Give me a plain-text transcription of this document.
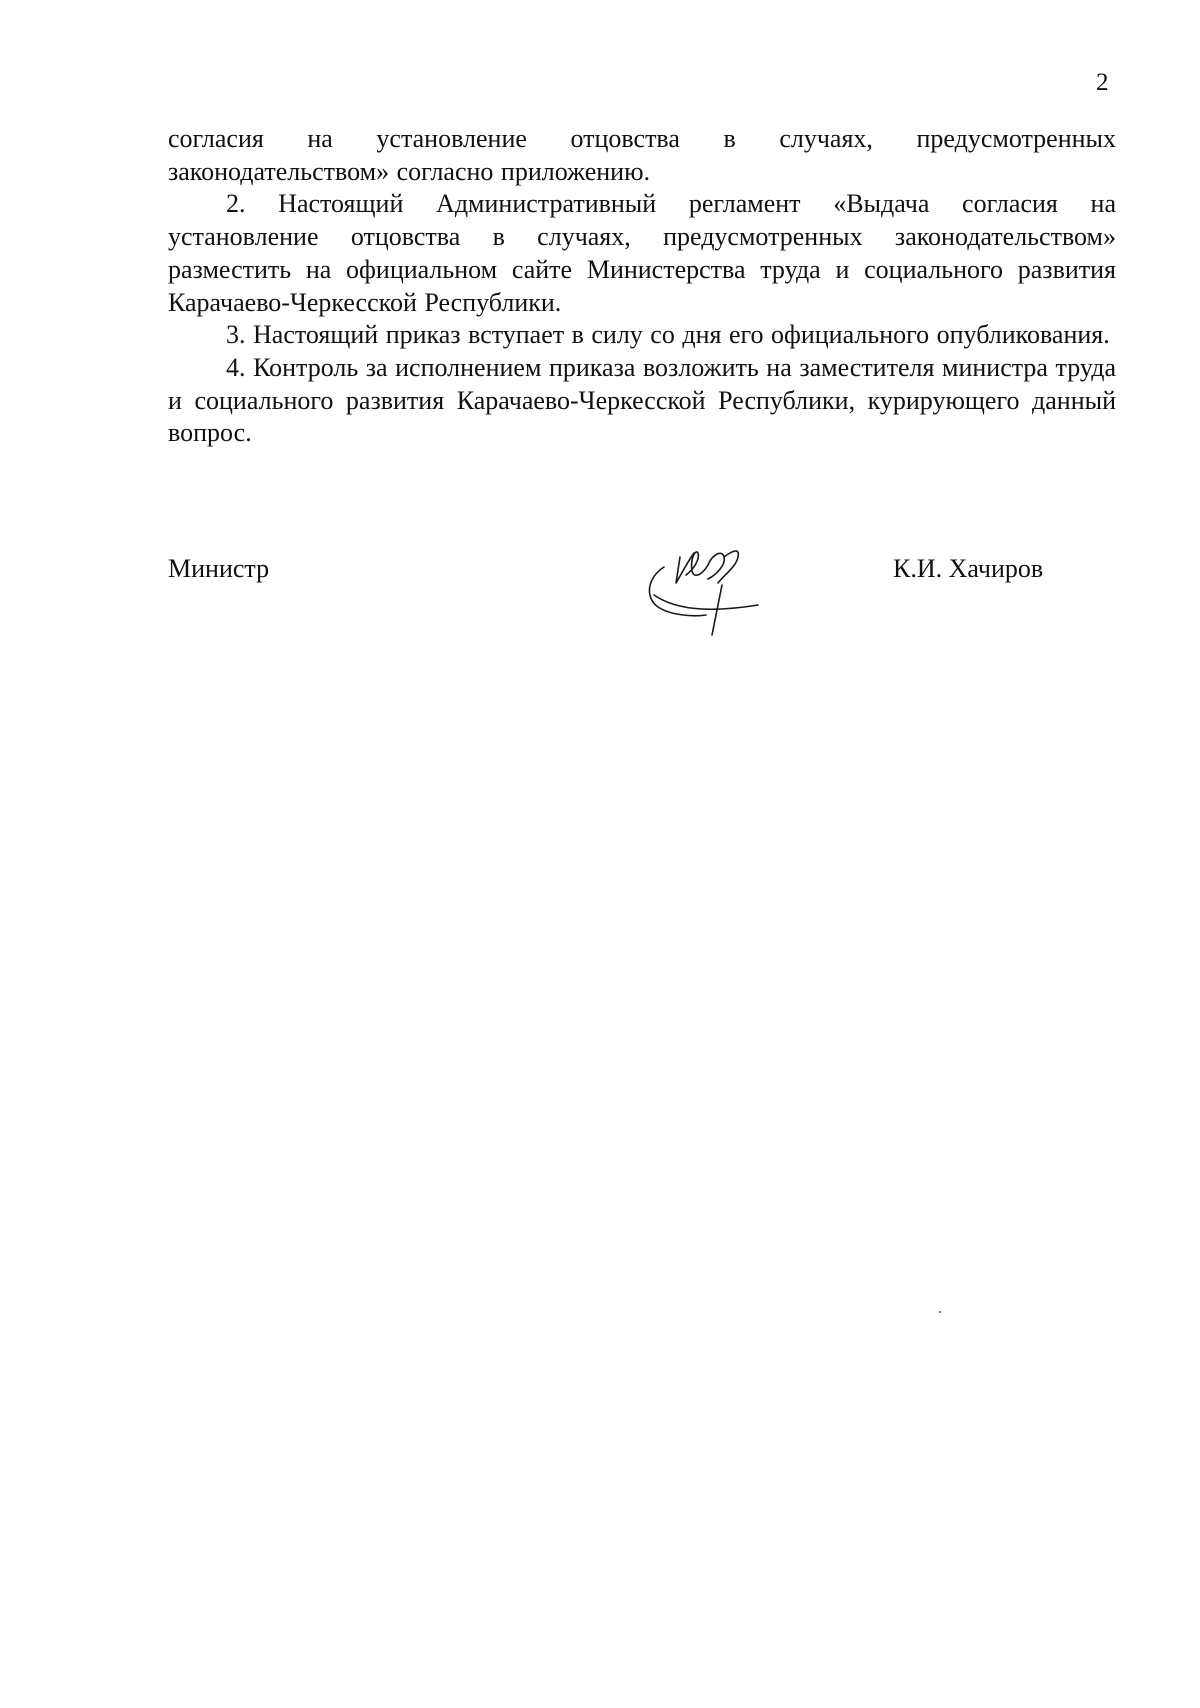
2

согласия на установление отцовства в случаях, предусмотренных законодательством» согласно приложению.

2. Настоящий Административный регламент «Выдача согласия на установление отцовства в случаях, предусмотренных законодательством» разместить на официальном сайте Министерства труда и социального развития Карачаево-Черкесской Республики.

3. Настоящий приказ вступает в силу со дня его официального опубликования.

4. Контроль за исполнением приказа возложить на заместителя министра труда и социального развития Карачаево-Черкесской Республики, курирующего данный вопрос.

Министр	К.И. Хачиров
